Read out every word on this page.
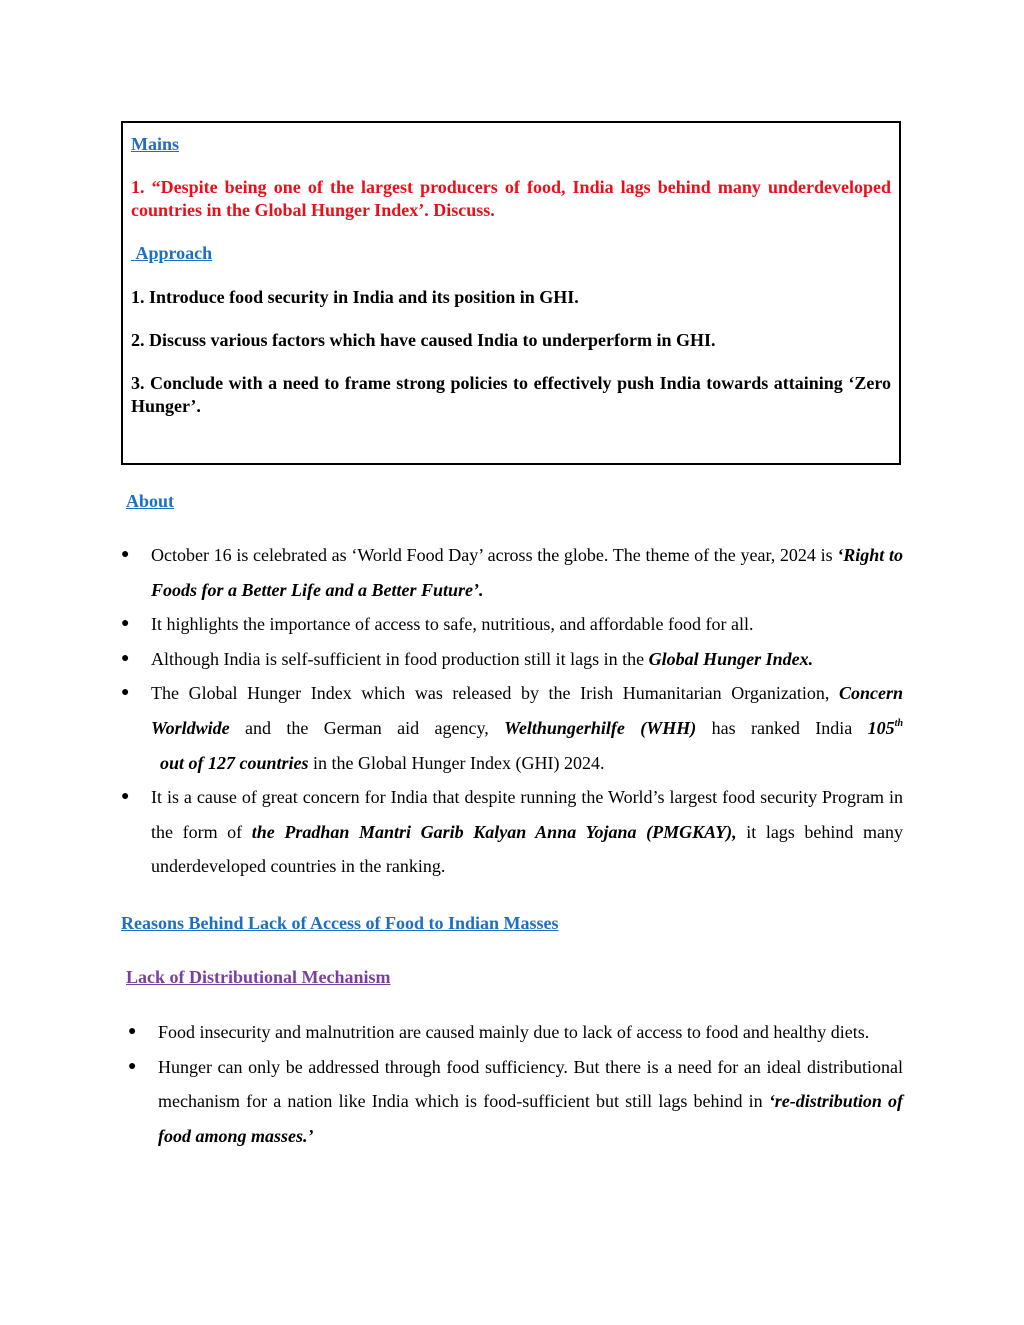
Mains

1. “Despite being one of the largest producers of food, India lags behind many underdeveloped countries in the Global Hunger Index’. Discuss.

Approach

1. Introduce food security in India and its position in GHI.

2. Discuss various factors which have caused India to underperform in GHI.

3. Conclude with a need to frame strong policies to effectively push India towards attaining ‘Zero Hunger’.

About
● October 16 is celebrated as ‘World Food Day’ across the globe. The theme of the year, 2024 is ‘Right to Foods for a Better Life and a Better Future’.
● It highlights the importance of access to safe, nutritious, and affordable food for all.
● Although India is self-sufficient in food production still it lags in the Global Hunger Index.
● The Global Hunger Index which was released by the Irish Humanitarian Organization, Concern Worldwide and the German aid agency, Welthungerhilfe (WHH) has ranked India 105th  out of 127 countries in the Global Hunger Index (GHI) 2024.
● It is a cause of great concern for India that despite running the World’s largest food security Program in the form of the Pradhan Mantri Garib Kalyan Anna Yojana (PMGKAY), it lags behind many underdeveloped countries in the ranking.
Reasons Behind Lack of Access of Food to Indian Masses
Lack of Distributional Mechanism
● Food insecurity and malnutrition are caused mainly due to lack of access to food and healthy diets.
● Hunger can only be addressed through food sufficiency. But there is a need for an ideal distributional mechanism for a nation like India which is food-sufficient but still lags behind in ‘re-distribution of food among masses.’
